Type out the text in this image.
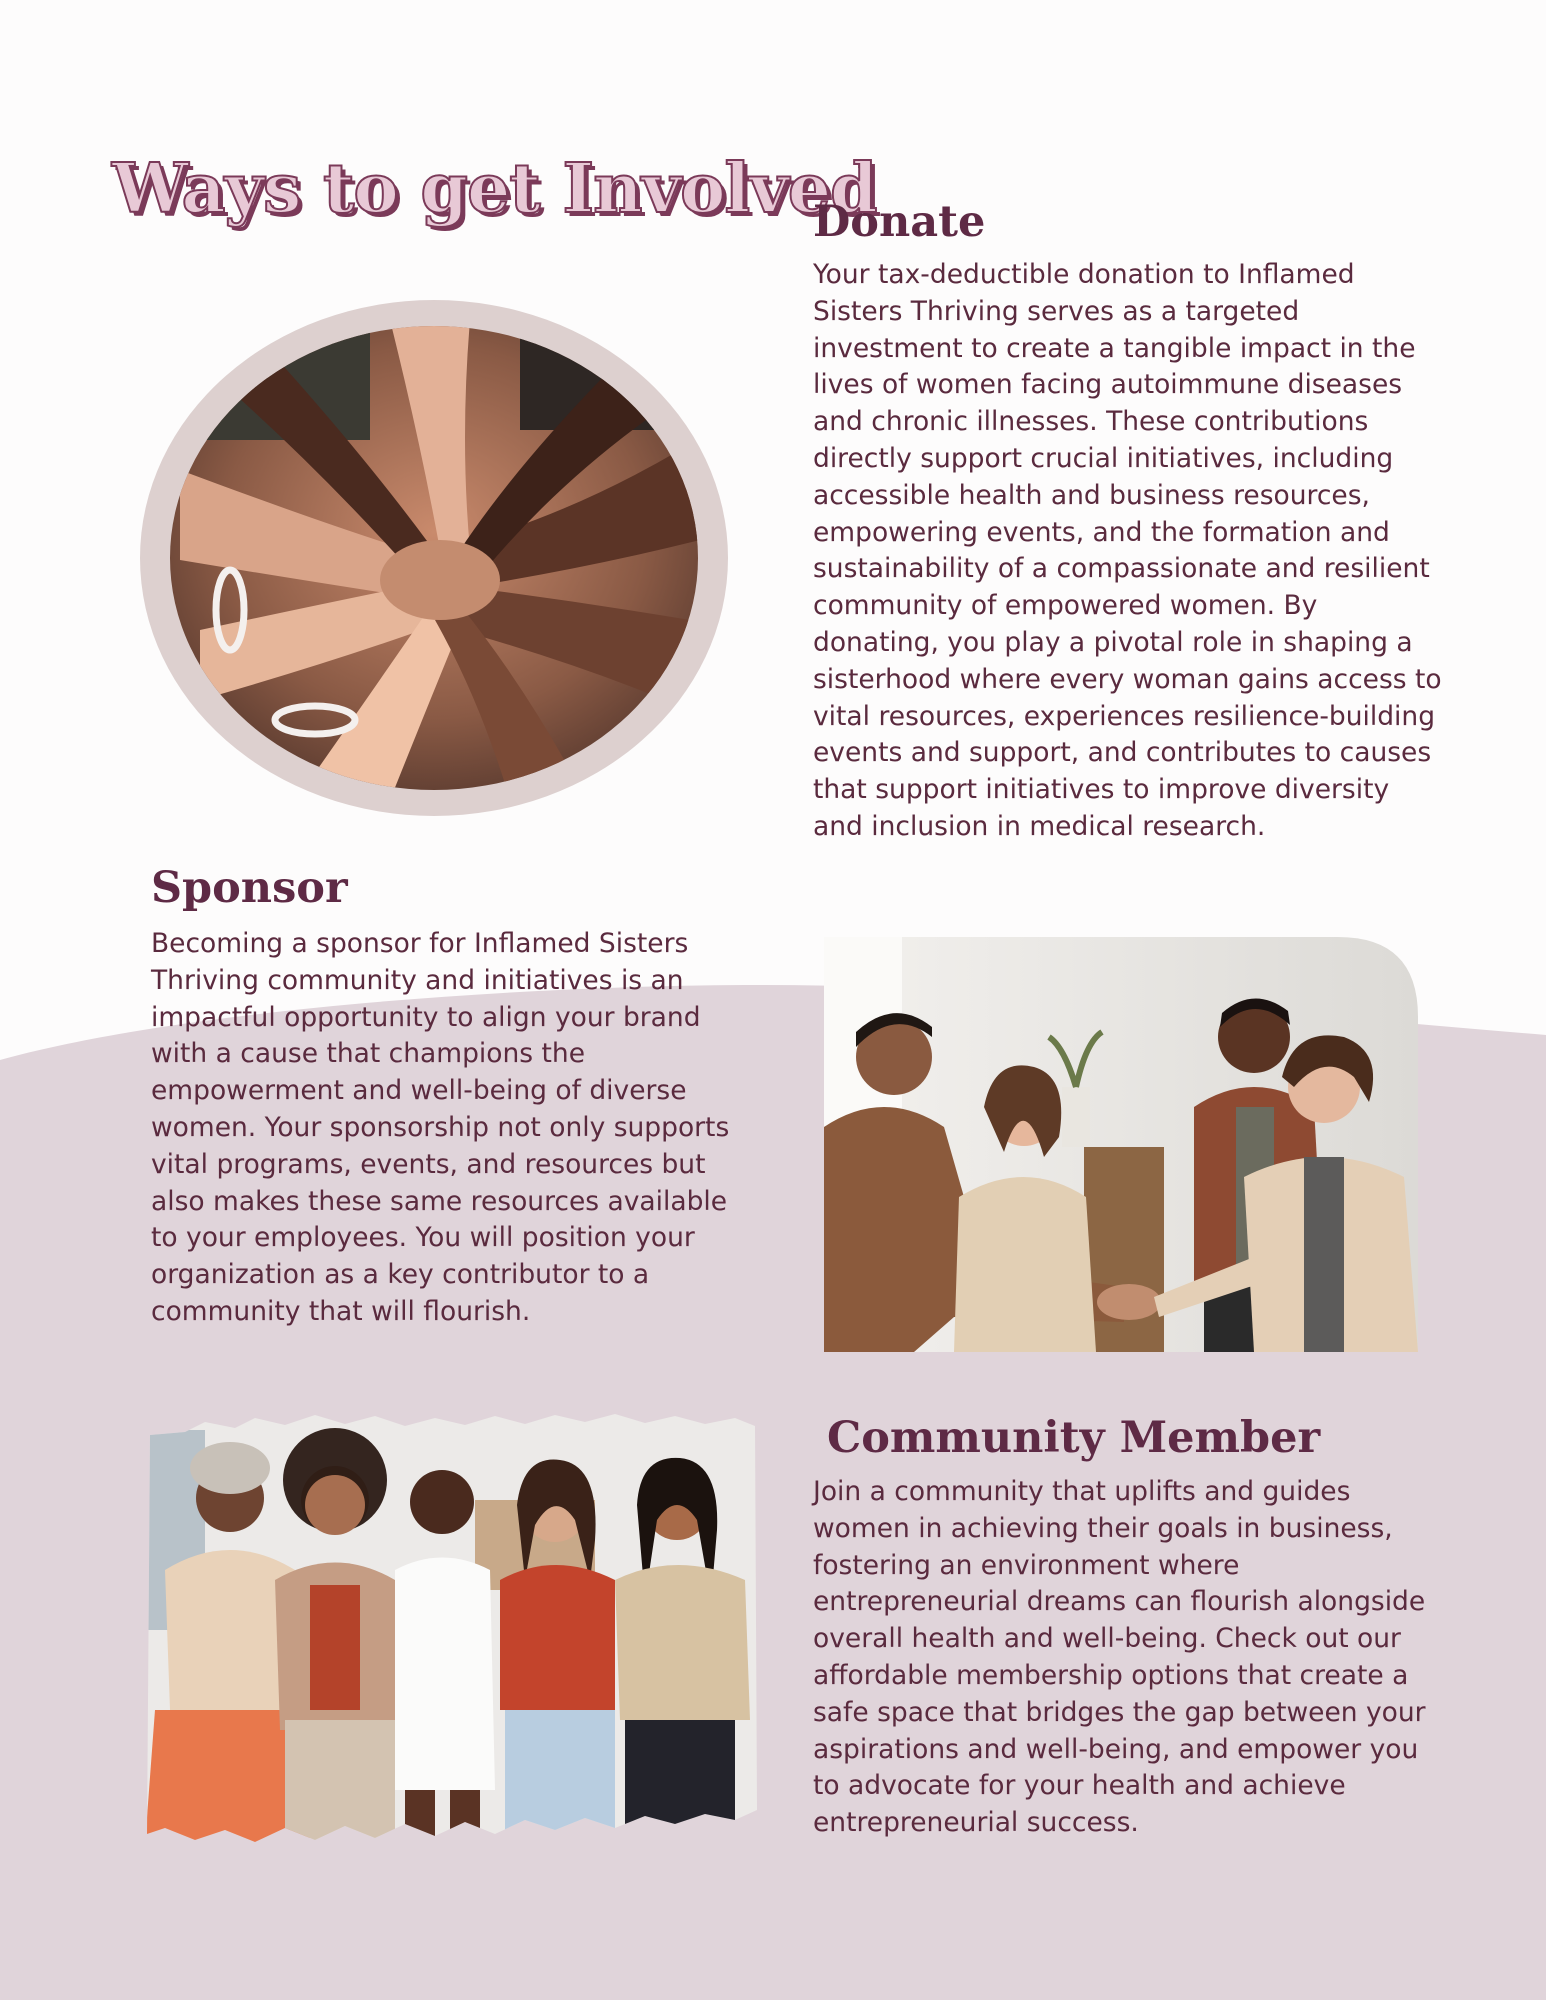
Ways to get Involved
Donate

Your tax-deductible donation to Inflamed Sisters Thriving serves as a targeted investment to create a tangible impact in the lives of women facing autoimmune diseases and chronic illnesses. These contributions directly support crucial initiatives, including accessible health and business resources, empowering events, and the formation and sustainability of a compassionate and resilient community of empowered women. By donating, you play a pivotal role in shaping a sisterhood where every woman gains access to vital resources, experiences resilience-building events and support, and contributes to causes that support initiatives to improve diversity and inclusion in medical research.

Sponsor

Becoming a sponsor for Inflamed Sisters Thriving community and initiatives is an impactful opportunity to align your brand with a cause that champions the empowerment and well-being of diverse women. Your sponsorship not only supports vital programs, events, and resources but also makes these same resources available to your employees. You will position your organization as a key contributor to a community that will flourish.

Community Member

Join a community that uplifts and guides women in achieving their goals in business, fostering an environment where entrepreneurial dreams can flourish alongside overall health and well-being. Check out our affordable membership options that create a safe space that bridges the gap between your aspirations and well-being, and empower you to advocate for your health and achieve entrepreneurial success.
